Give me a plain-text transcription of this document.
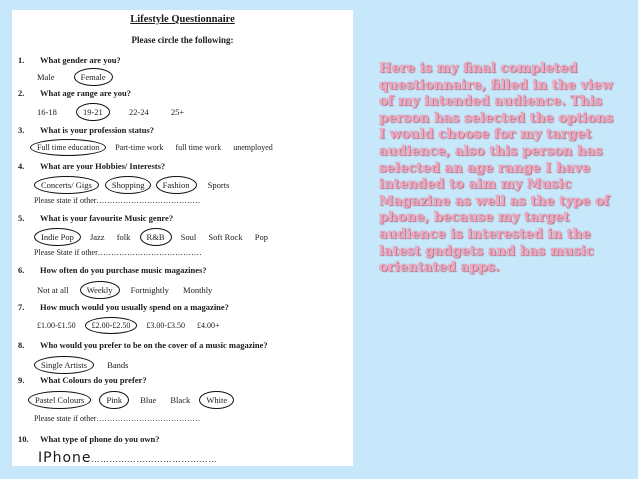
Lifestyle Questionnaire
Please circle the following:
1. What gender are you?
Male	Female
2. What age range are you?
16-18	19-21	22-24	25+
3. What is your profession status?
Full time education Part-time work full time work unemployed
4. What are your Hobbies/ Interests?
Concerts/ Gigs Shopping Fashion Sports
Please state if other…………………………………
5. What is your favourite Music genre?
Indie Pop Jazz folk R&B Soul Soft Rock Pop
Please State if other…………………………………
6. How often do you purchase music magazines?
Not at all Weekly Fortnightly Monthly
7. How much would you usually spend on a magazine?
£1.00-£1.50 £2.00-£2.50 £3.00-£3.50 £4.00+
8. Who would you prefer to be on the cover of a music magazine?
Single Artists Bands
9. What Colours do you prefer?
Pastel Colours	Pink Blue Black White
Please state if other…………………………………
10. What type of phone do you own?
IPhone……………………………………
Here is my final completed questionnaire, filled in the view of my intended audience. This person has selected the options I would choose for my target audience, also this person has selected an age range I have intended to aim my Music Magazine as well as the type of phone, because my target audience is interested in the latest gadgets and has music orientated apps.
